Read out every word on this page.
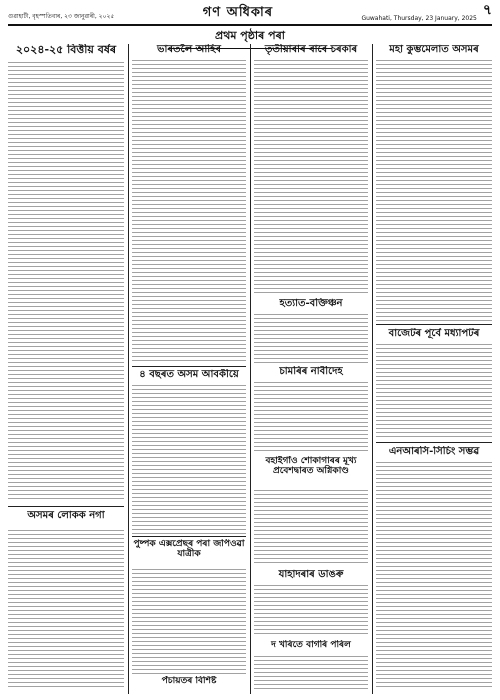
গুৱাহাটী, বৃহস্পতিবাৰ, ২৩ জানুৱাৰী, ২০২৫	গণ অধিকাৰ	Guwahati, Thursday, 23 January, 2025
৭
প্ৰথম পৃষ্ঠাৰ পৰা
২০২৪-২৫ বিত্তীয় বৰ্ষৰ
অসমৰ লোকক নগা
ভাৰতলৈ আহিব
৪ বছৰত অসম আবকীয়ে
পুষ্পক এক্সপ্ৰেছৰ পৰা জপিওৱা যাত্ৰীক
পঁচায়তৰ বিশিষ্ট
তৃতীয়াবাৰ বাবে চৰকাৰ
হত্যাত-বক্তিঞ্চন
চামৰিৰ নাবীদেহ
বহাইগাঁও শোকাগাৰৰ মূখ্য প্ৰবেশদ্বাৰত অগ্নিকাণ্ড
যাহাদৰাৰ ডাঙৰু
দ খৰিতে বাগৰি পৰিল
মহা কুম্ভমেলাত অসমৰ
বাজেটৰ পূৰ্বে মধ্যাপটৰ
এনআৰসি-সিচিং সম্ভৱ
